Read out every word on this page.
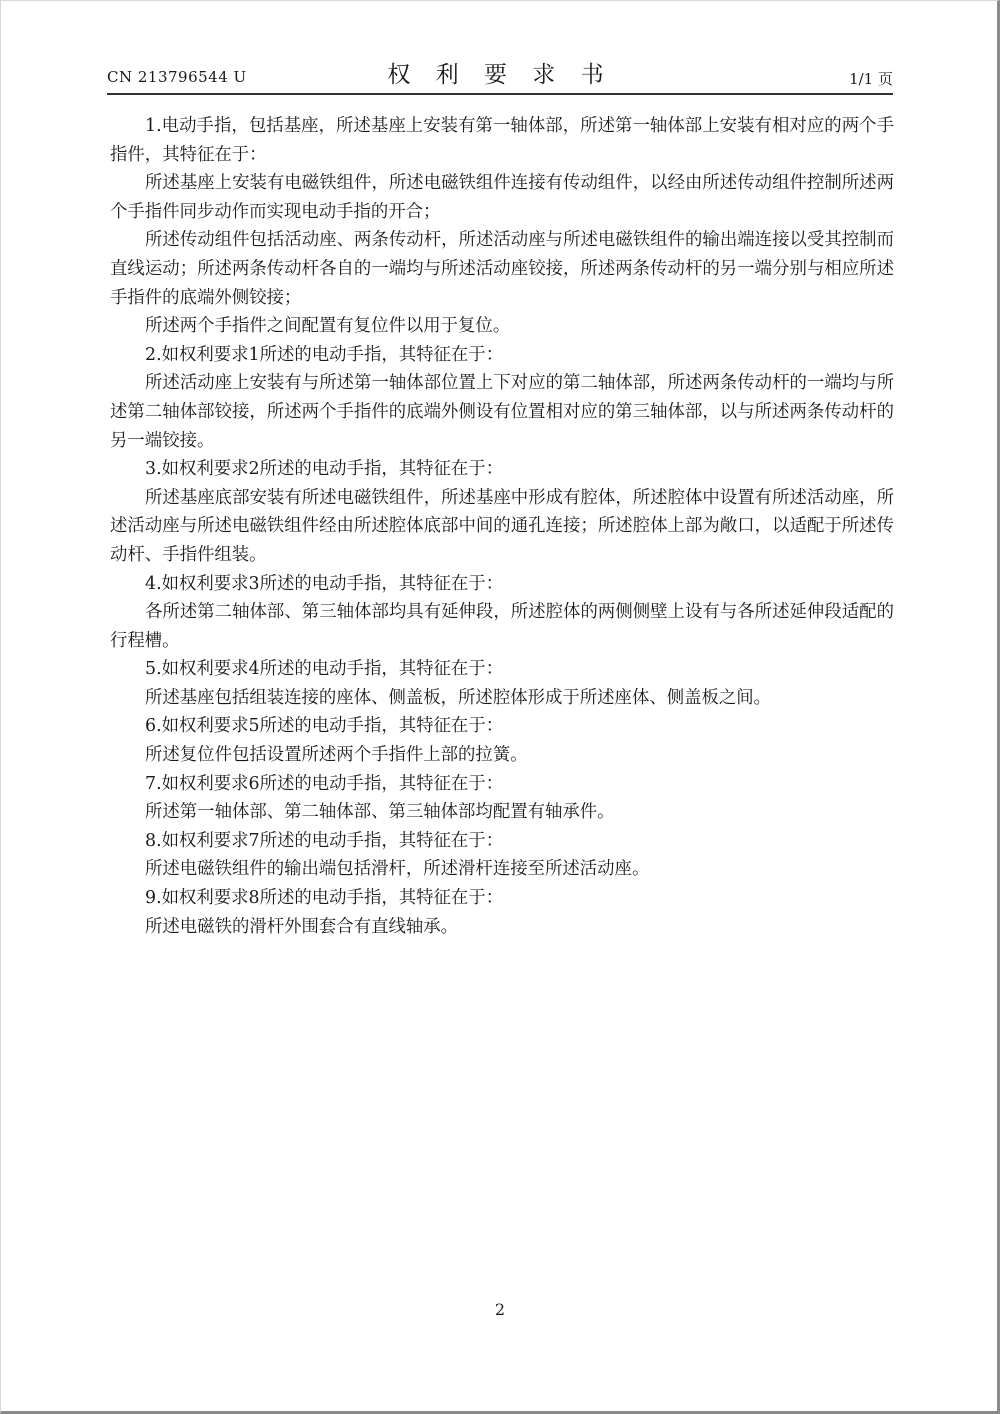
CN 213796544 U	权 利 要 求 书	1/1 页

1.电动手指，包括基座，所述基座上安装有第一轴体部，所述第一轴体部上安装有相对应的两个手指件，其特征在于：

所述基座上安装有电磁铁组件，所述电磁铁组件连接有传动组件，以经由所述传动组件控制所述两个手指件同步动作而实现电动手指的开合；

所述传动组件包括活动座、两条传动杆，所述活动座与所述电磁铁组件的输出端连接以受其控制而直线运动；所述两条传动杆各自的一端均与所述活动座铰接，所述两条传动杆的另一端分别与相应所述手指件的底端外侧铰接；

所述两个手指件之间配置有复位件以用于复位。

2.如权利要求1所述的电动手指，其特征在于：

所述活动座上安装有与所述第一轴体部位置上下对应的第二轴体部，所述两条传动杆的一端均与所述第二轴体部铰接，所述两个手指件的底端外侧设有位置相对应的第三轴体部，以与所述两条传动杆的另一端铰接。

3.如权利要求2所述的电动手指，其特征在于：

所述基座底部安装有所述电磁铁组件，所述基座中形成有腔体，所述腔体中设置有所述活动座，所述活动座与所述电磁铁组件经由所述腔体底部中间的通孔连接；所述腔体上部为敞口，以适配于所述传动杆、手指件组装。

4.如权利要求3所述的电动手指，其特征在于：

各所述第二轴体部、第三轴体部均具有延伸段，所述腔体的两侧侧壁上设有与各所述延伸段适配的行程槽。

5.如权利要求4所述的电动手指，其特征在于：

所述基座包括组装连接的座体、侧盖板，所述腔体形成于所述座体、侧盖板之间。

6.如权利要求5所述的电动手指，其特征在于：

所述复位件包括设置所述两个手指件上部的拉簧。

7.如权利要求6所述的电动手指，其特征在于：

所述第一轴体部、第二轴体部、第三轴体部均配置有轴承件。

8.如权利要求7所述的电动手指，其特征在于：

所述电磁铁组件的输出端包括滑杆，所述滑杆连接至所述活动座。

9.如权利要求8所述的电动手指，其特征在于：

所述电磁铁的滑杆外围套合有直线轴承。

2
